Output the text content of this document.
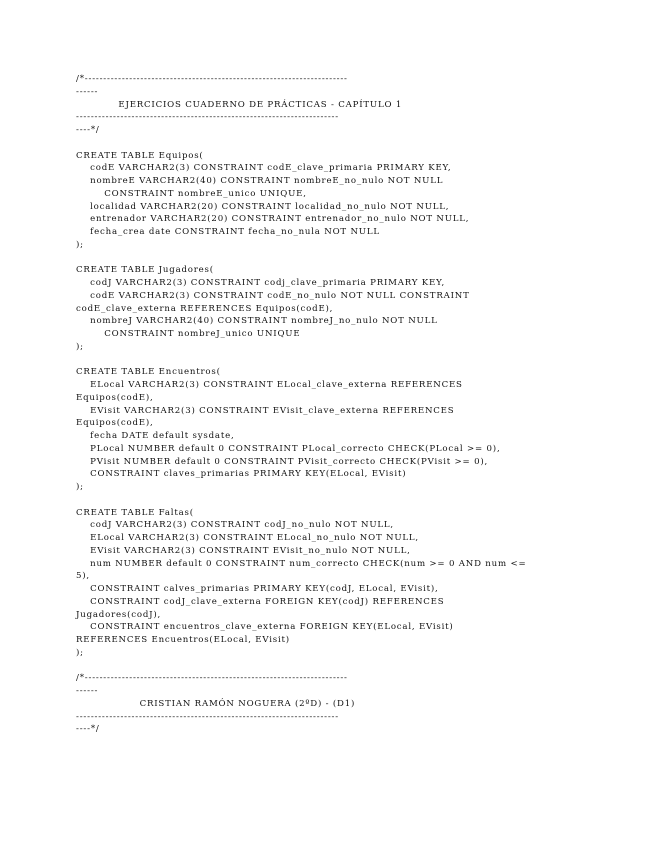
/*-----------------------------------------------------------------------
------
EJERCICIOS CUADERNO DE PRÁCTICAS - CAPÍTULO 1
-----------------------------------------------------------------------
----*/
CREATE TABLE Equipos(
codE VARCHAR2(3) CONSTRAINT codE_clave_primaria PRIMARY KEY,
nombreE VARCHAR2(40) CONSTRAINT nombreE_no_nulo NOT NULL
CONSTRAINT nombreE_unico UNIQUE,
localidad VARCHAR2(20) CONSTRAINT localidad_no_nulo NOT NULL,
entrenador VARCHAR2(20) CONSTRAINT entrenador_no_nulo NOT NULL,
fecha_crea date CONSTRAINT fecha_no_nula NOT NULL
);
CREATE TABLE Jugadores(
codJ VARCHAR2(3) CONSTRAINT codj_clave_primaria PRIMARY KEY,
codE VARCHAR2(3) CONSTRAINT codE_no_nulo NOT NULL CONSTRAINT
codE_clave_externa REFERENCES Equipos(codE),
nombreJ VARCHAR2(40) CONSTRAINT nombreJ_no_nulo NOT NULL
CONSTRAINT nombreJ_unico UNIQUE
);
CREATE TABLE Encuentros(
ELocal VARCHAR2(3) CONSTRAINT ELocal_clave_externa REFERENCES
Equipos(codE),
EVisit VARCHAR2(3) CONSTRAINT EVisit_clave_externa REFERENCES
Equipos(codE),
fecha DATE default sysdate,
PLocal NUMBER default 0 CONSTRAINT PLocal_correcto CHECK(PLocal >= 0),
PVisit NUMBER default 0 CONSTRAINT PVisit_correcto CHECK(PVisit >= 0),
CONSTRAINT claves_primarias PRIMARY KEY(ELocal, EVisit)
);
CREATE TABLE Faltas(
codJ VARCHAR2(3) CONSTRAINT codJ_no_nulo NOT NULL,
ELocal VARCHAR2(3) CONSTRAINT ELocal_no_nulo NOT NULL,
EVisit VARCHAR2(3) CONSTRAINT EVisit_no_nulo NOT NULL,
num NUMBER default 0 CONSTRAINT num_correcto CHECK(num >= 0 AND num <=
5),
CONSTRAINT calves_primarias PRIMARY KEY(codJ, ELocal, EVisit),
CONSTRAINT codJ_clave_externa FOREIGN KEY(codJ) REFERENCES
Jugadores(codJ),
CONSTRAINT encuentros_clave_externa FOREIGN KEY(ELocal, EVisit)
REFERENCES Encuentros(ELocal, EVisit)
);
/*-----------------------------------------------------------------------
------
CRISTIAN RAMÓN NOGUERA (2ºD) - (D1)
-----------------------------------------------------------------------
----*/
